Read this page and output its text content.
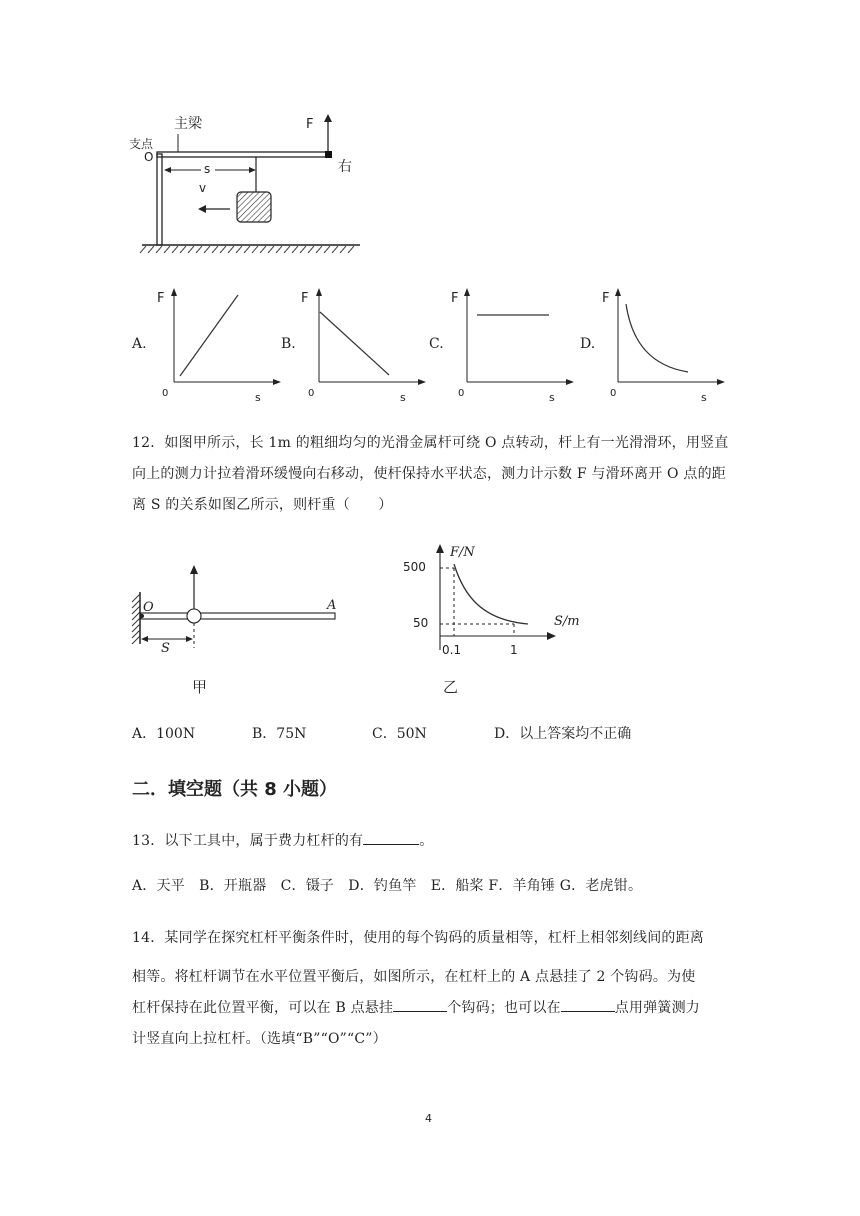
主梁
支点
O
F
右
s
v
A.
F
s
0
B.
F
s
0
C.
F
s
0
D.
F
s
0
12．如图甲所示，长 1m 的粗细均匀的光滑金属杆可绕 O 点转动，杆上有一光滑滑环，用竖直向上的测力计拉着滑环缓慢向右移动，使杆保持水平状态，测力计示数 F 与滑环离开 O 点的距离 S 的关系如图乙所示，则杆重（　　）
O	A
S
甲
F/N
S/m
500
50
0.1	1
乙
A．100N	B．75N	C．50N	D．以上答案均不正确
二．填空题（共 8 小题）
13．以下工具中，属于费力杠杆的有	。
A．天平　B．开瓶器　C．镊子　D．钓鱼竿　E．船桨 F．羊角锤 G．老虎钳。
14．某同学在探究杠杆平衡条件时，使用的每个钩码的质量相等，杠杆上相邻刻线间的距离
相等。将杠杆调节在水平位置平衡后，如图所示，在杠杆上的 A 点悬挂了 2 个钩码。为使
杠杆保持在此位置平衡，可以在 B 点悬挂	个钩码；也可以在	点用弹簧测力
计竖直向上拉杠杆。（选填“B”“O”“C”）
4
